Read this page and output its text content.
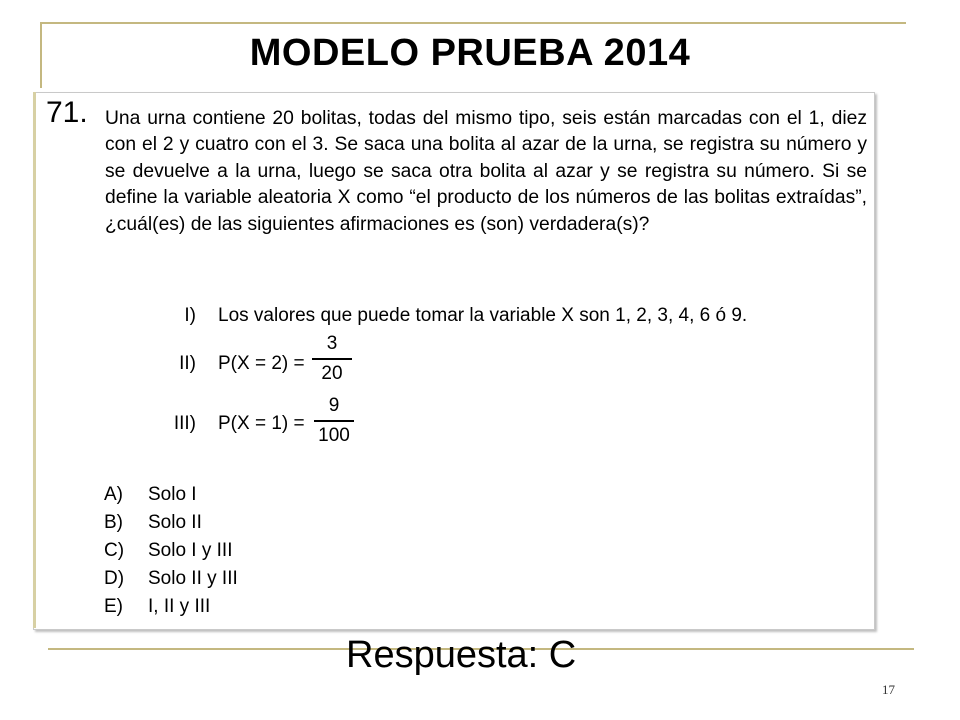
MODELO PRUEBA 2014
71. Una urna contiene 20 bolitas, todas del mismo tipo, seis están marcadas con el 1, diez con el 2 y cuatro con el 3. Se saca una bolita al azar de la urna, se registra su número y se devuelve a la urna, luego se saca otra bolita al azar y se registra su número. Si se define la variable aleatoria X como “el producto de los números de las bolitas extraídas”, ¿cuál(es) de las siguientes afirmaciones es (son) verdadera(s)?

I) Los valores que puede tomar la variable X son 1, 2, 3, 4, 6 ó 9.
II) P(X = 2) =
3
20
III) P(X = 1) =
9
100
A) Solo I
B) Solo II
C) Solo I y III
D) Solo II y III
E) I, II y III
Respuesta: C
17
